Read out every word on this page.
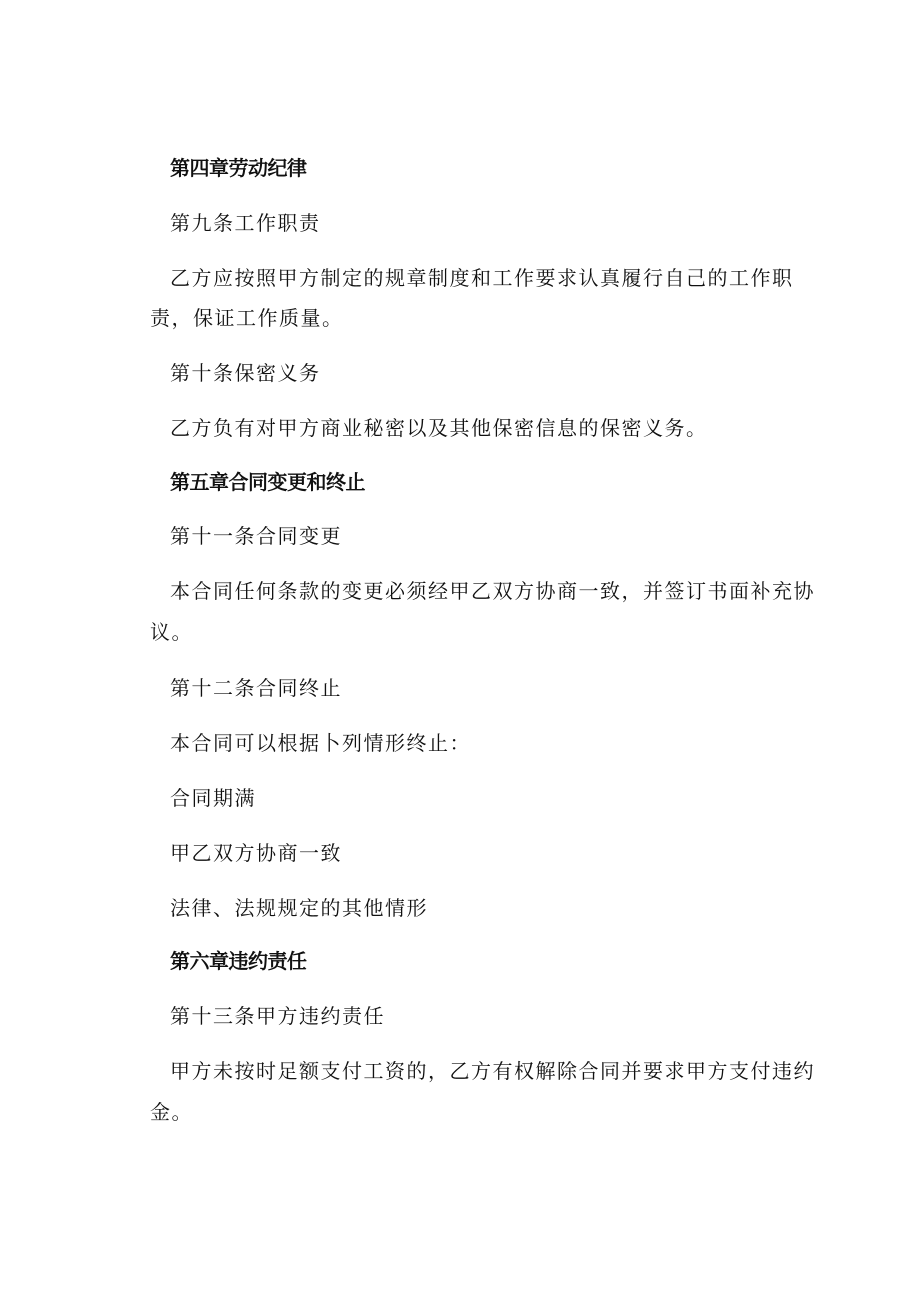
第四章劳动纪律
第九条工作职责
乙方应按照甲方制定的规章制度和工作要求认真履行自己的工作职
责，保证工作质量。
第十条保密义务
乙方负有对甲方商业秘密以及其他保密信息的保密义务。
第五章合同变更和终止
第十一条合同变更
本合同任何条款的变更必须经甲乙双方协商一致，并签订书面补充协
议。
第十二条合同终止
本合同可以根据卜列情形终止：
合同期满
甲乙双方协商一致
法律、法规规定的其他情形
第六章违约责任
第十三条甲方违约责任
甲方未按时足额支付工资的，乙方有权解除合同并要求甲方支付违约
金。
